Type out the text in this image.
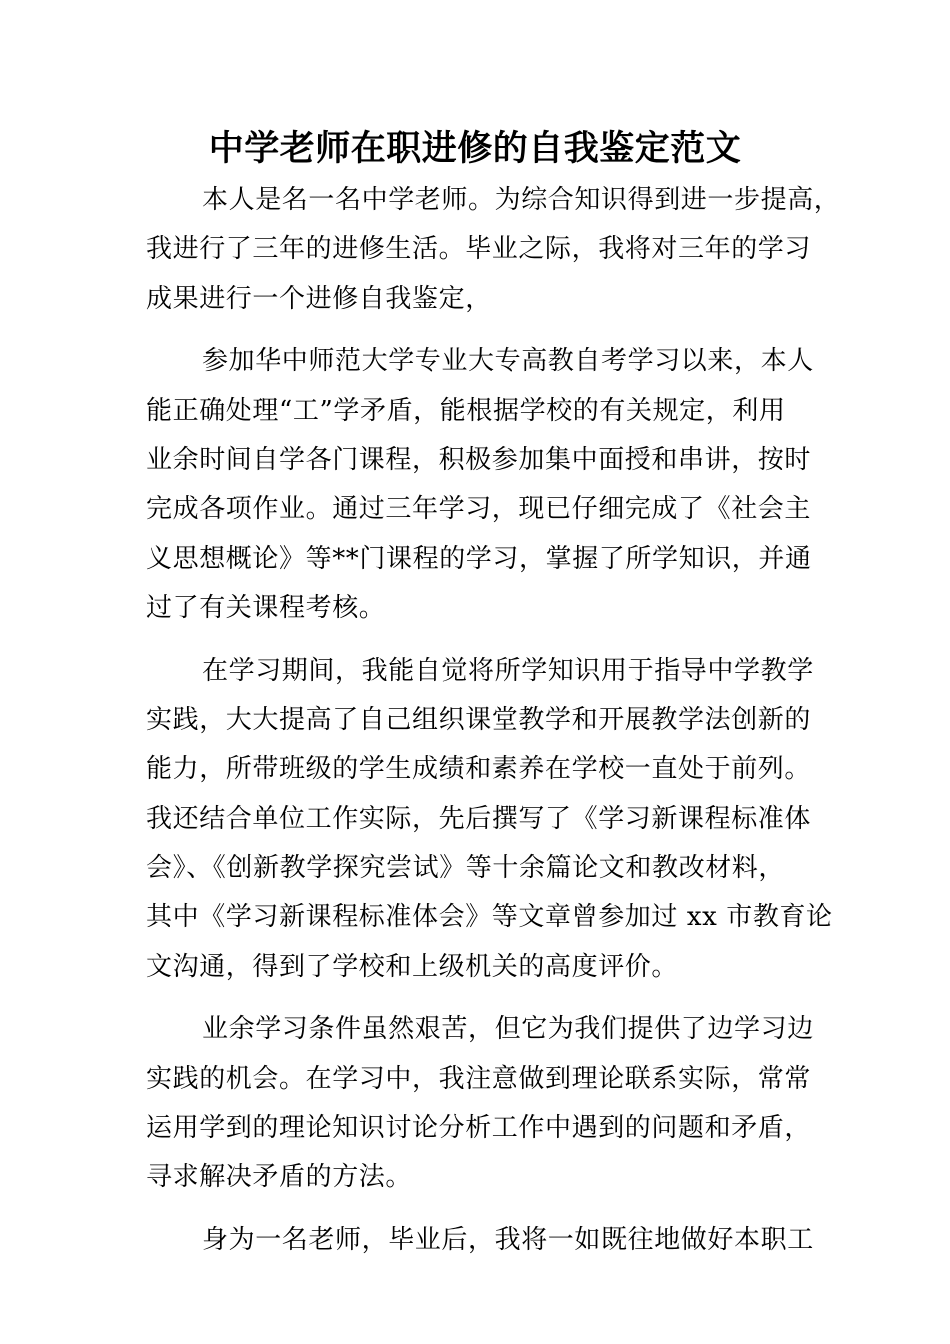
中学老师在职进修的自我鉴定范文
本人是名一名中学老师。为综合知识得到进一步提高，
我进行了三年的进修生活。毕业之际，我将对三年的学习
成果进行一个进修自我鉴定，
参加华中师范大学专业大专高教自考学习以来，本人
能正确处理“工”学矛盾，能根据学校的有关规定，利用
业余时间自学各门课程，积极参加集中面授和串讲，按时
完成各项作业。通过三年学习，现已仔细完成了《社会主
义思想概论》等**门课程的学习，掌握了所学知识，并通
过了有关课程考核。
在学习期间，我能自觉将所学知识用于指导中学教学
实践，大大提高了自己组织课堂教学和开展教学法创新的
能力，所带班级的学生成绩和素养在学校一直处于前列。
我还结合单位工作实际，先后撰写了《学习新课程标准体
会》、《创新教学探究尝试》等十余篇论文和教改材料，
其中《学习新课程标准体会》等文章曾参加过 xx 市教育论
文沟通，得到了学校和上级机关的高度评价。
业余学习条件虽然艰苦，但它为我们提供了边学习边
实践的机会。在学习中，我注意做到理论联系实际，常常
运用学到的理论知识讨论分析工作中遇到的问题和矛盾，
寻求解决矛盾的方法。
身为一名老师，毕业后，我将一如既往地做好本职工
